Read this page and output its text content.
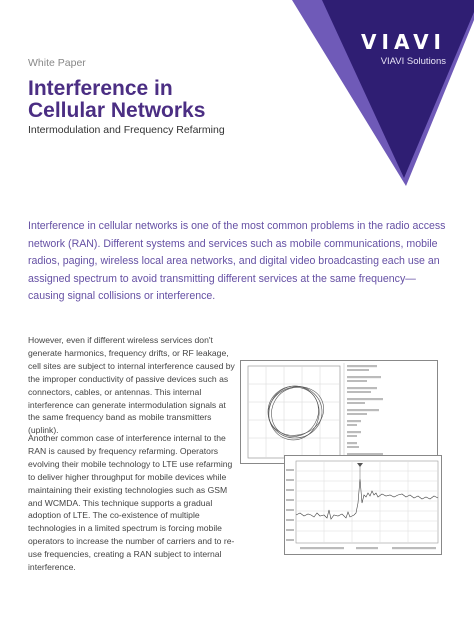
VIAVI
VIAVI Solutions
White Paper
Interference in
Cellular Networks
Intermodulation and Frequency Refarming

Interference in cellular networks is one of the most common problems in the radio access network (RAN). Different systems and services such as mobile communications, mobile radios, paging, wireless local area networks, and digital video broadcasting each use an assigned spectrum to avoid transmitting different services at the same frequency—causing signal collisions or interference.

However, even if different wireless services don't generate harmonics, frequency drifts, or RF leakage, cell sites are subject to internal interference caused by the improper conductivity of passive devices such as connectors, cables, or antennas. This internal interference can generate intermodulation signals at the same frequency band as mobile transmitters (uplink).

Another common case of interference internal to the RAN is caused by frequency refarming. Operators evolving their mobile technology to LTE use refarming to deliver higher throughput for mobile devices while maintaining their existing technologies such as GSM and WCMDA. This technique supports a gradual adoption of LTE. The co-existence of multiple technologies in a limited spectrum is forcing mobile operators to increase the number of carriers and to re-use frequencies, creating a RAN subject to internal interference.
